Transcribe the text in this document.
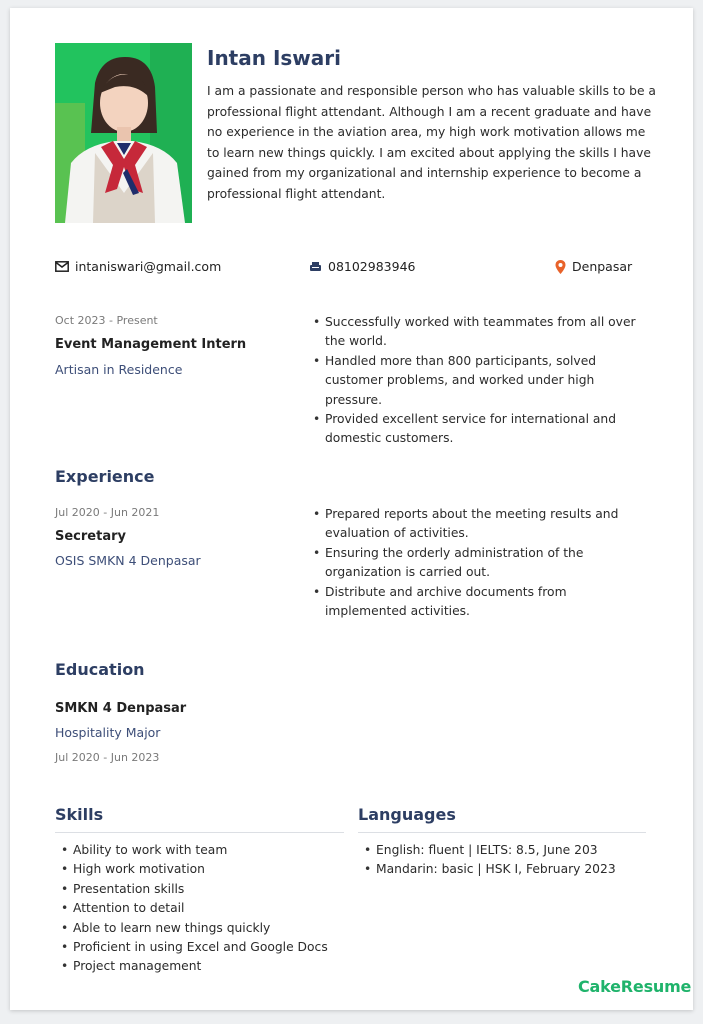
Intan Iswari
I am a passionate and responsible person who has valuable skills to be a professional flight attendant. Although I am a recent graduate and have no experience in the aviation area, my high work motivation allows me to learn new things quickly. I am excited about applying the skills I have gained from my organizational and internship experience to become a professional flight attendant.
intaniswari@gmail.com	08102983946	Denpasar
Oct 2023 - Present
Event Management Intern
Artisan in Residence
• Successfully worked with teammates from all over the world.
• Handled more than 800 participants, solved customer problems, and worked under high pressure.
• Provided excellent service for international and domestic customers.
Experience
Jul 2020 - Jun 2021
Secretary
OSIS SMKN 4 Denpasar
• Prepared reports about the meeting results and evaluation of activities.
• Ensuring the orderly administration of the organization is carried out.
• Distribute and archive documents from implemented activities.
Education
SMKN 4 Denpasar
Hospitality Major
Jul 2020 - Jun 2023
Skills
• Ability to work with team
• High work motivation
• Presentation skills
• Attention to detail
• Able to learn new things quickly
• Proficient in using Excel and Google Docs
• Project management
Languages
• English: fluent | IELTS: 8.5, June 203
• Mandarin: basic | HSK I, February 2023
CakeResume
